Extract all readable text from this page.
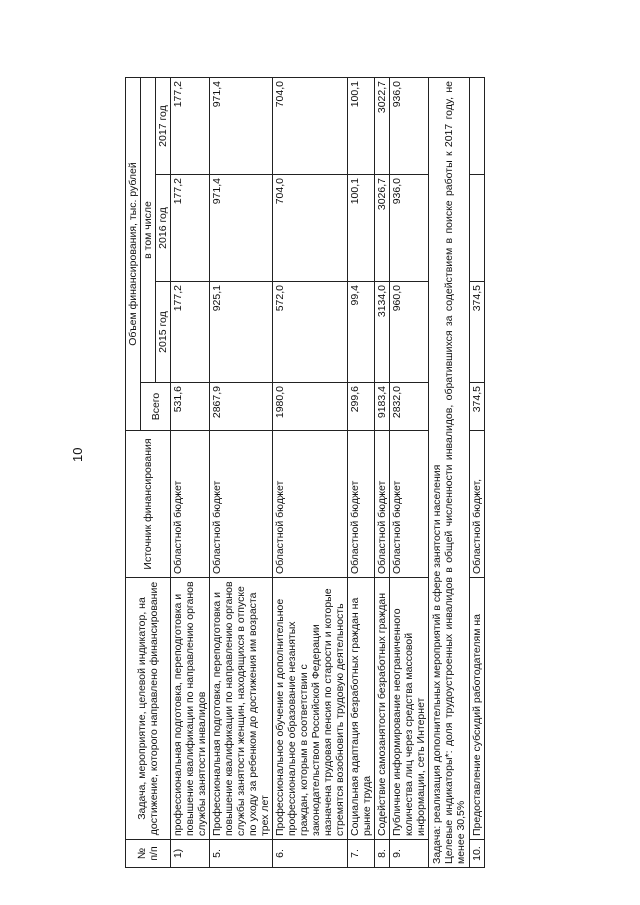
10
№ п/п	Задача, мероприятие, целевой индикатор, на достижение, которого направлено финансирование	Источник финансирования	Объем финансирования, тыс. рублей			
			Всего	в том числе		
				2015 год	2016 год	2017 год
1)	профессиональная подготовка, переподготовка и повышение квалификации по направлению органов службы занятости инвалидов	Областной бюджет	531,6	177,2	177,2	177,2
5.	Профессиональная подготовка, переподготовка и повышение квалификации по направлению органов службы занятости женщин, находящихся в отпуске по уходу за ребенком до достижения им возраста трех лет	Областной бюджет	2867,9	925,1	971,4	971,4
6.	Профессиональное обучение и дополнительное профессиональное образование незанятых граждан, которым в соответствии с законодательством Российской Федерации назначена трудовая пенсия по старости и которые стремятся возобновить трудовую деятельность	Областной бюджет	1980,0	572,0	704,0	704,0
7.	Социальная адаптация безработных граждан на рынке труда	Областной бюджет	299,6	99,4	100,1	100,1
8.	Содействие самозанятости безработных граждан	Областной бюджет	9183,4	3134,0	3026,7	3022,7
9.	Публичное информирование неограниченного количества лиц через средства массовой информации, сеть Интернет	Областной бюджет	2832,0	960,0	936,0	936,0

Задача: реализация дополнительных мероприятий в сфере занятости населения Целевые индикаторы*: доля трудоустроенных инвалидов в общей численности инвалидов, обратившихся за содействием в поиске работы к 2017 году, не менее 30,5%						

10.	Предоставление субсидий работодателям на	Областной бюджет,	374,5	374,5		
